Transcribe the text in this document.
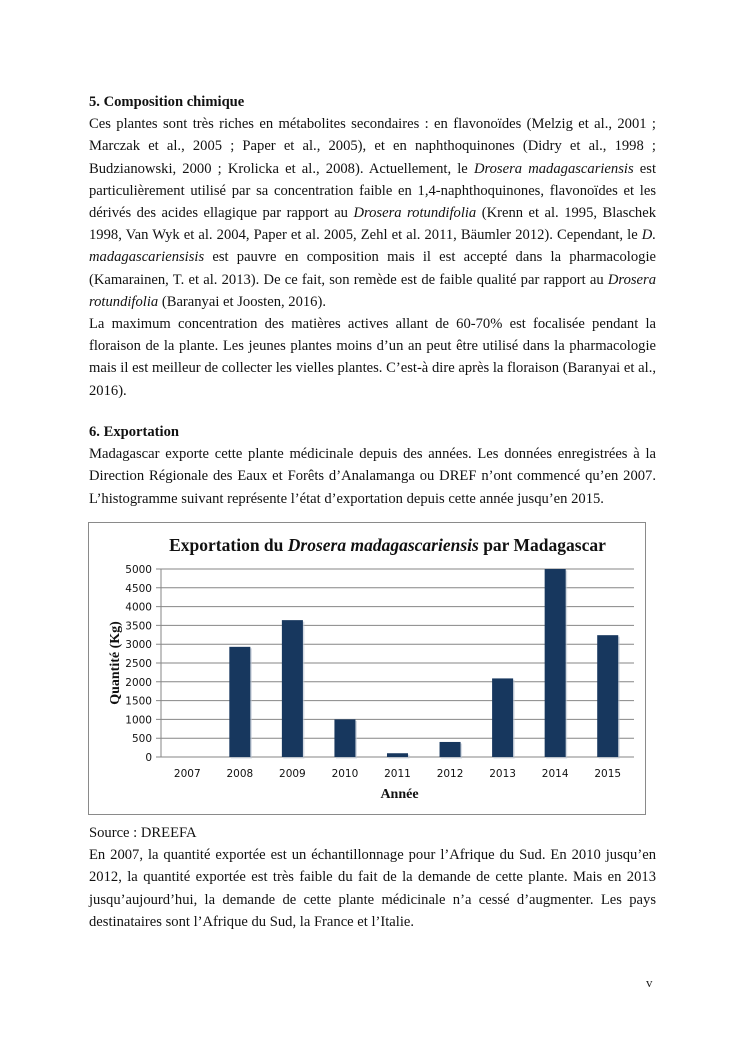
5. Composition chimique

Ces plantes sont très riches en métabolites secondaires : en flavonoïdes (Melzig et al., 2001 ; Marczak et al., 2005 ; Paper et al., 2005), et en naphthoquinones (Didry et al., 1998 ; Budzianowski, 2000 ; Krolicka et al., 2008). Actuellement, le Drosera madagascariensis est particulièrement utilisé par sa concentration faible en 1,4-naphthoquinones, flavonoïdes et les dérivés des acides ellagique par rapport au Drosera rotundifolia (Krenn et al. 1995, Blaschek 1998, Van Wyk et al. 2004, Paper et al. 2005, Zehl et al. 2011, Bäumler 2012). Cependant, le D. madagascariensisis est pauvre en composition mais il est accepté dans la pharmacologie (Kamarainen, T. et al. 2013). De ce fait, son remède est de faible qualité par rapport au Drosera rotundifolia (Baranyai et Joosten, 2016).

La maximum concentration des matières actives allant de 60-70% est focalisée pendant la floraison de la plante. Les jeunes plantes moins d’un an peut être utilisé dans la pharmacologie mais il est meilleur de collecter les vielles plantes. C’est-à dire après la floraison (Baranyai et al., 2016).

6. Exportation

Madagascar exporte cette plante médicinale depuis des années. Les données enregistrées à la Direction Régionale des Eaux et Forêts d’Analamanga ou DREF n’ont commencé qu’en 2007. L’histogramme suivant représente l’état d’exportation depuis cette année jusqu’en 2015.

Exportation du Drosera madagascariensis par Madagascar
0
500
1000
1500
2000
2500
3000
3500
4000
4500
5000
2007 2008 2009 2010 2011 2012 2013 2014 2015
Année
Quantité (Kg)

Source : DREEFA

En 2007, la quantité exportée est un échantillonnage pour l’Afrique du Sud. En 2010 jusqu’en 2012, la quantité exportée est très faible du fait de la demande de cette plante. Mais en 2013 jusqu’aujourd’hui, la demande de cette plante médicinale n’a cessé d’augmenter. Les pays destinataires sont l’Afrique du Sud, la France et l’Italie.

v
